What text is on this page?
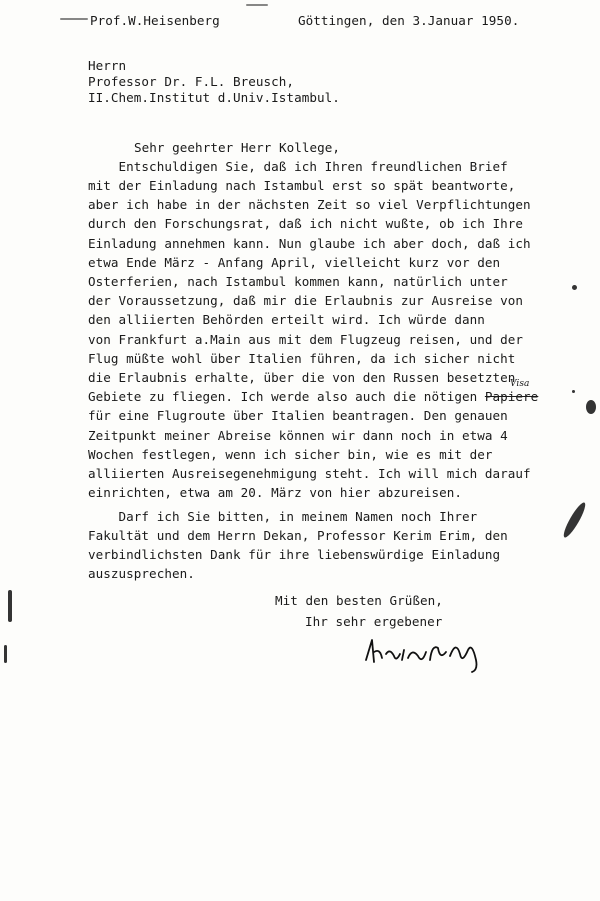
Prof.W.Heisenberg	Göttingen, den 3.Januar 1950.
Herrn
Professor Dr. F.L. Breusch,
II.Chem.Institut d.Univ.Istambul.
Sehr geehrter Herr Kollege,
Entschuldigen Sie, daß ich Ihren freundlichen Brief
mit der Einladung nach Istambul erst so spät beantworte,
aber ich habe in der nächsten Zeit so viel Verpflichtungen
durch den Forschungsrat, daß ich nicht wußte, ob ich Ihre
Einladung annehmen kann. Nun glaube ich aber doch, daß ich
etwa Ende März - Anfang April, vielleicht kurz vor den
Osterferien, nach Istambul kommen kann, natürlich unter
der Voraussetzung, daß mir die Erlaubnis zur Ausreise von
den alliierten Behörden erteilt wird. Ich würde dann
von Frankfurt a.Main aus mit dem Flugzeug reisen, und der
Flug müßte wohl über Italien führen, da ich sicher nicht
die Erlaubnis erhalte, über die von den Russen besetzten
Gebiete zu fliegen. Ich werde also auch die nötigen Papiere
Visa
für eine Flugroute über Italien beantragen. Den genauen
Zeitpunkt meiner Abreise können wir dann noch in etwa 4
Wochen festlegen, wenn ich sicher bin, wie es mit der
alliierten Ausreisegenehmigung steht. Ich will mich darauf
einrichten, etwa am 20. März von hier abzureisen.
Darf ich Sie bitten, in meinem Namen noch Ihrer
Fakultät und dem Herrn Dekan, Professor Kerim Erim, den
verbindlichsten Dank für ihre liebenswürdige Einladung
auszusprechen.
Mit den besten Grüßen,
Ihr sehr ergebener
